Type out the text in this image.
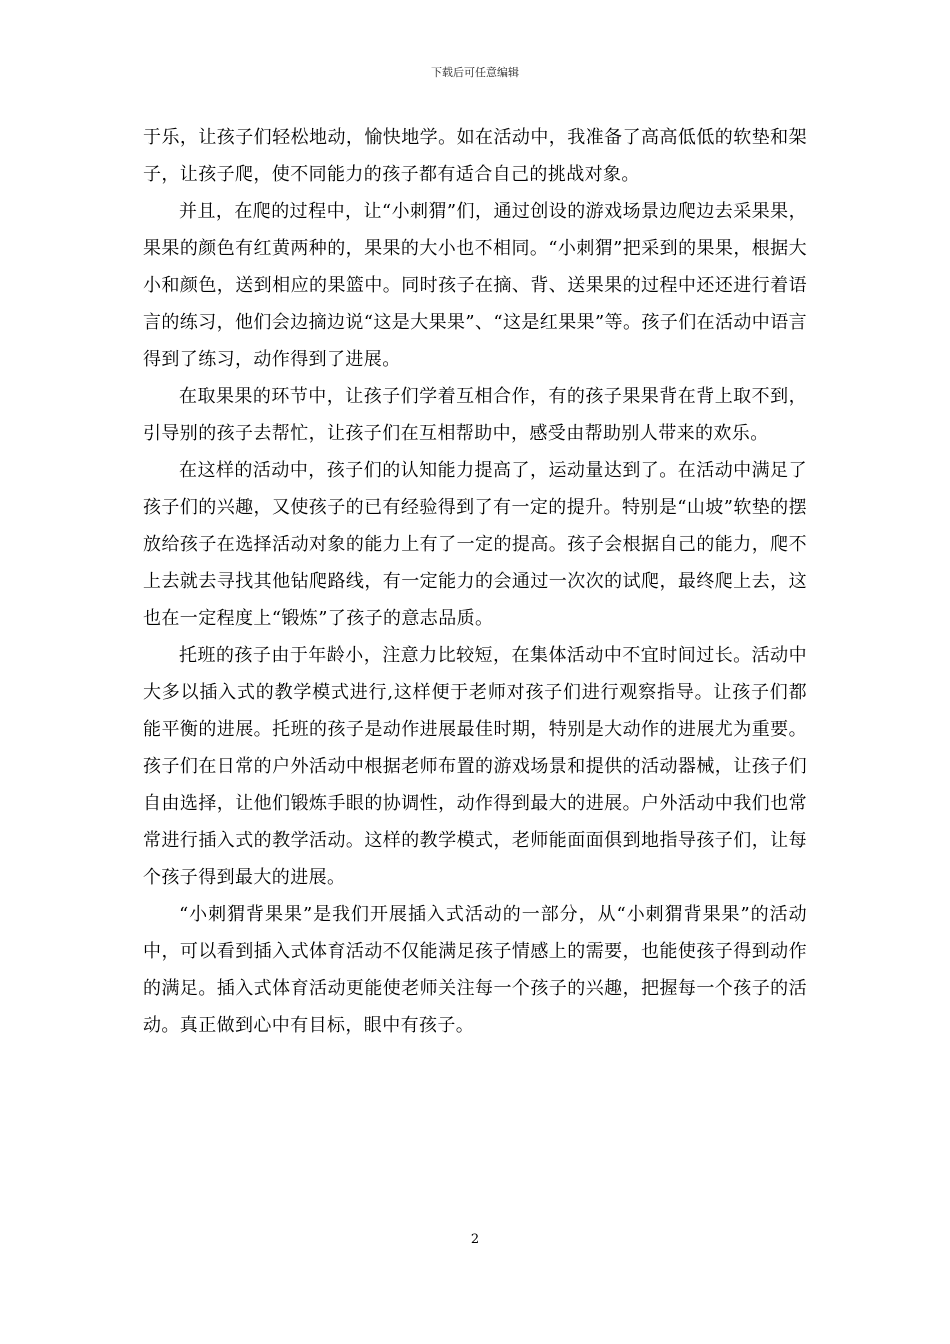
下载后可任意编辑

于乐，让孩子们轻松地动，愉快地学。如在活动中，我准备了高高低低的软垫和架子，让孩子爬，使不同能力的孩子都有适合自己的挑战对象。

并且，在爬的过程中，让“小刺猬”们，通过创设的游戏场景边爬边去采果果，果果的颜色有红黄两种的，果果的大小也不相同。“小刺猬”把采到的果果，根据大小和颜色，送到相应的果篮中。同时孩子在摘、背、送果果的过程中还还进行着语言的练习，他们会边摘边说“这是大果果”、“这是红果果”等。孩子们在活动中语言得到了练习，动作得到了进展。

在取果果的环节中，让孩子们学着互相合作，有的孩子果果背在背上取不到，引导别的孩子去帮忙，让孩子们在互相帮助中，感受由帮助别人带来的欢乐。

在这样的活动中，孩子们的认知能力提高了，运动量达到了。在活动中满足了孩子们的兴趣，又使孩子的已有经验得到了有一定的提升。特别是“山坡”软垫的摆放给孩子在选择活动对象的能力上有了一定的提高。孩子会根据自己的能力，爬不上去就去寻找其他钻爬路线，有一定能力的会通过一次次的试爬，最终爬上去，这也在一定程度上“锻炼”了孩子的意志品质。

托班的孩子由于年龄小，注意力比较短，在集体活动中不宜时间过长。活动中大多以插入式的教学模式进行,这样便于老师对孩子们进行观察指导。让孩子们都能平衡的进展。托班的孩子是动作进展最佳时期，特别是大动作的进展尤为重要。孩子们在日常的户外活动中根据老师布置的游戏场景和提供的活动器械，让孩子们自由选择，让他们锻炼手眼的协调性，动作得到最大的进展。户外活动中我们也常常进行插入式的教学活动。这样的教学模式，老师能面面俱到地指导孩子们，让每个孩子得到最大的进展。

“小刺猬背果果”是我们开展插入式活动的一部分，从“小刺猬背果果”的活动中，可以看到插入式体育活动不仅能满足孩子情感上的需要，也能使孩子得到动作的满足。插入式体育活动更能使老师关注每一个孩子的兴趣，把握每一个孩子的活动。真正做到心中有目标，眼中有孩子。

2
